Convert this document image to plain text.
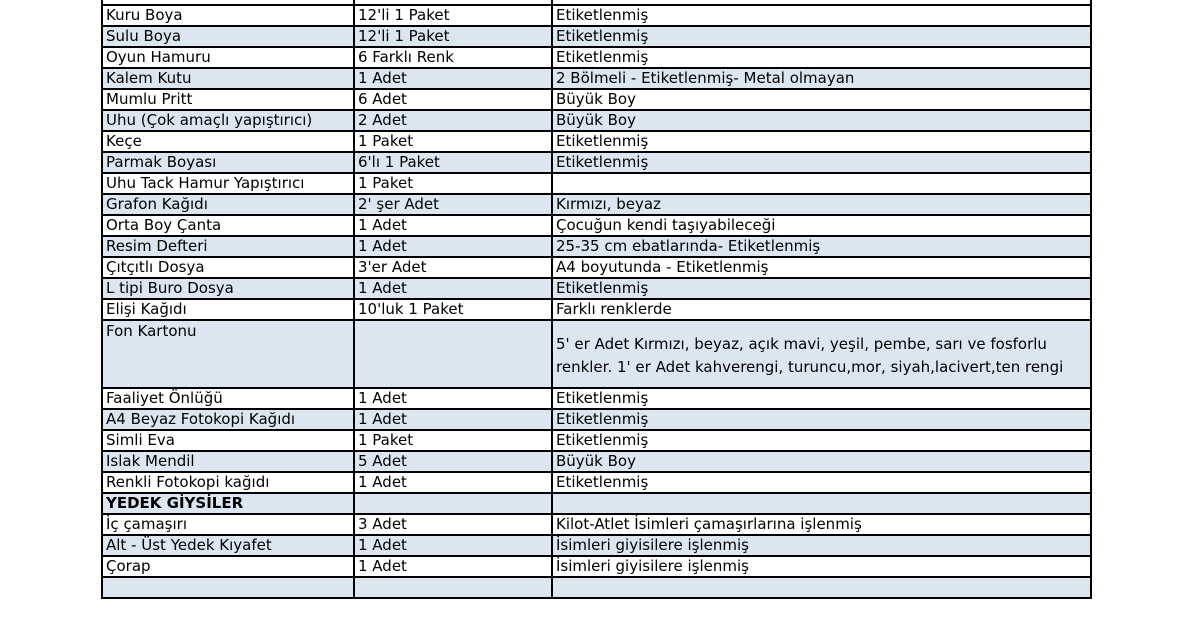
Kuru Boya	12'li 1 Paket	Etiketlenmiş
Sulu Boya	12'li 1 Paket	Etiketlenmiş
Oyun Hamuru	6 Farklı Renk	Etiketlenmiş
Kalem Kutu	1 Adet	2 Bölmeli - Etiketlenmiş- Metal olmayan
Mumlu Pritt	6 Adet	Büyük Boy
Uhu (Çok amaçlı yapıştırıcı)	2 Adet	Büyük Boy
Keçe	1 Paket	Etiketlenmiş
Parmak Boyası	6'lı 1 Paket	Etiketlenmiş
Uhu Tack Hamur Yapıştırıcı	1 Paket	
Grafon Kağıdı	2' şer Adet	Kırmızı, beyaz
Orta Boy Çanta	1 Adet	Çocuğun kendi taşıyabileceği
Resim Defteri	1 Adet	25-35 cm ebatlarında- Etiketlenmiş
Çıtçıtlı Dosya	3'er Adet	A4 boyutunda - Etiketlenmiş
L tipi Buro Dosya	1 Adet	Etiketlenmiş
Elişi Kağıdı	10'luk 1 Paket	Farklı renklerde
Fon Kartonu		5' er Adet Kırmızı, beyaz, açık mavi, yeşil, pembe, sarı ve fosforlu renkler. 1' er Adet kahverengi, turuncu,mor, siyah,lacivert,ten rengi
Faaliyet Önlüğü	1 Adet	Etiketlenmiş
A4 Beyaz Fotokopi Kağıdı	1 Adet	Etiketlenmiş
Simli Eva	1 Paket	Etiketlenmiş
Islak Mendil	5 Adet	Büyük Boy
Renkli Fotokopi kağıdı	1 Adet	Etiketlenmiş
YEDEK GİYSİLER		
İç çamaşırı	3 Adet	Kilot-Atlet İsimleri çamaşırlarına işlenmiş
Alt - Üst Yedek Kıyafet	1 Adet	İsimleri giyisilere işlenmiş
Çorap	1 Adet	İsimleri giyisilere işlenmiş
